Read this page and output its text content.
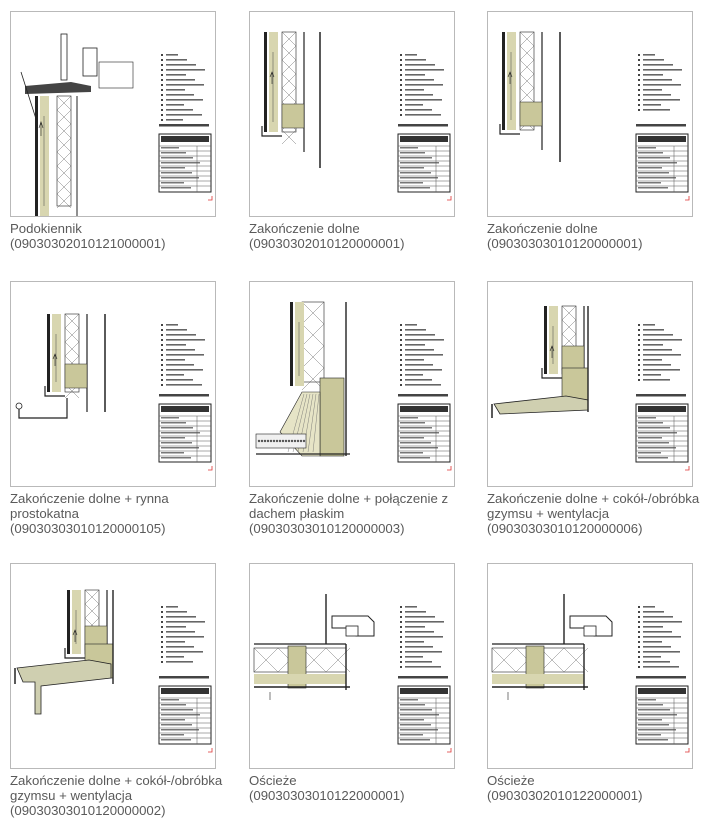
Podokiennik
(09030302010121000001)
Zakończenie dolne
(09030302010120000001)
Zakończenie dolne
(09030303010120000001)
Zakończenie dolne + rynna prostokatna
(09030303010120000105)
Zakończenie dolne + połączenie z dachem płaskim
(09030303010120000003)
Zakończenie dolne + cokół-/obróbka gzymsu + wentylacja
(09030303010120000006)
Zakończenie dolne + cokół-/obróbka gzymsu + wentylacja
(09030303010120000002)
Ościeże
(09030303010122000001)
Ościeże
(09030302010122000001)
